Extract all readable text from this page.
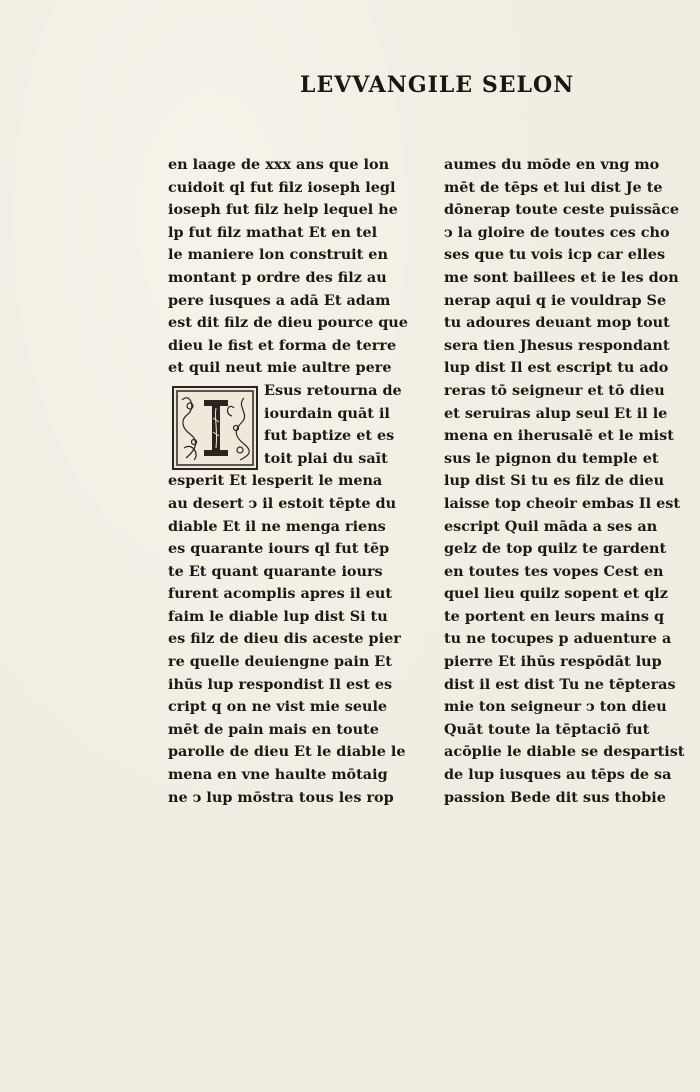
LEVVANGILE SELON
en laage de xxx ans que lon
cuidoit ql fut filz ioseph legl
ioseph fut filz help lequel he
lp fut filz mathat Et en tel
le maniere lon construit en
montant p ordre des filz au
pere iusques a adā Et adam
est dit filz de dieu pource que
dieu le fist et forma de terre
et quil neut mie aultre pere
Esus retourna de
iourdain quāt il
fut baptize et es
toit plai du saīt
esperit Et lesperit le mena
au desert ↄ il estoit tēpte du
diable Et il ne menga riens
es quarante iours ql fut tēp
te Et quant quarante iours
furent acomplis apres il eut
faim le diable lup dist Si tu
es filz de dieu dis aceste pier
re quelle deuiengne pain Et
ihūs lup respondist Il est es
cript q on ne vist mie seule
mēt de pain mais en toute
parolle de dieu Et le diable le
mena en vne haulte mōtaig
ne ↄ lup mōstra tous les rop
aumes du mōde en vng mo
mēt de tēps et lui dist Je te
dōnerap toute ceste puissāce
ↄ la gloire de toutes ces cho
ses que tu vois icp car elles
me sont baillees et ie les don
nerap aqui q ie vouldrap Se
tu adoures deuant mop tout
sera tien Jhesus respondant
lup dist Il est escript tu ado
reras tō seigneur et tō dieu
et seruiras alup seul Et il le
mena en iherusalē et le mist
sus le pignon du temple et
lup dist Si tu es filz de dieu
laisse top cheoir embas Il est
escript Quil māda a ses an
gelz de top quilz te gardent
en toutes tes vopes Cest en
quel lieu quilz sopent et qlz
te portent en leurs mains q
tu ne tocupes p aduenture a
pierre Et ihūs respōdāt lup
dist il est dist Tu ne tēpteras
mie ton seigneur ↄ ton dieu
Quāt toute la tēptaciō fut
acōplie le diable se despartist
de lup iusques au tēps de sa
passion Bede dit sus thobie
